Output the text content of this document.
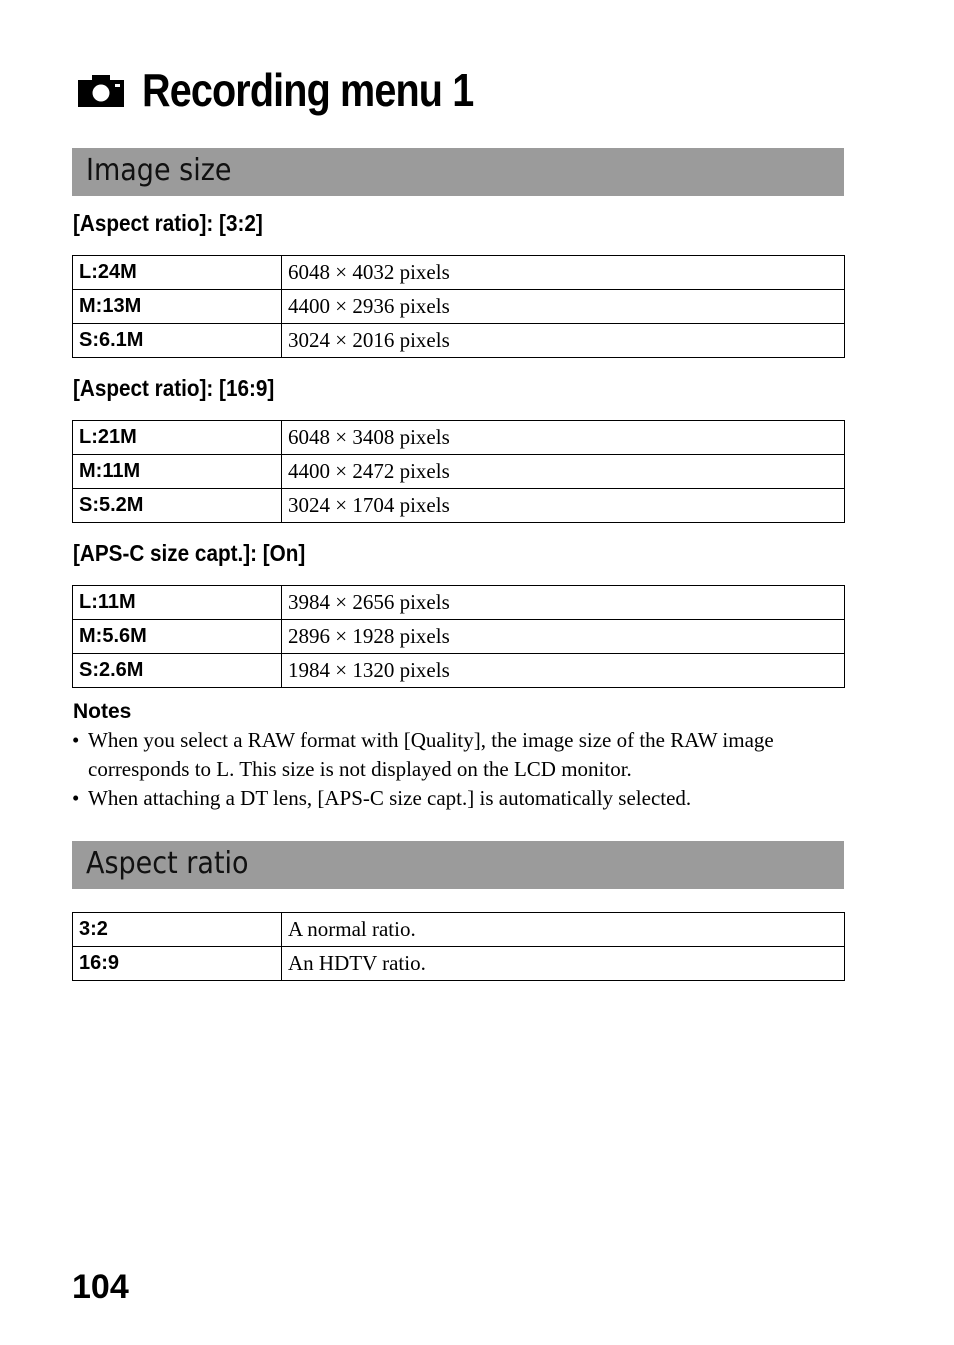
Recording menu 1
Image size
[Aspect ratio]: [3:2]
L:24M	6048 × 4032 pixels
M:13M	4400 × 2936 pixels
S:6.1M	3024 × 2016 pixels
[Aspect ratio]: [16:9]
L:21M	6048 × 3408 pixels
M:11M	4400 × 2472 pixels
S:5.2M	3024 × 1704 pixels
[APS-C size capt.]: [On]
L:11M	3984 × 2656 pixels
M:5.6M	2896 × 1928 pixels
S:2.6M	1984 × 1320 pixels
Notes
• When you select a RAW format with [Quality], the image size of the RAW image corresponds to L. This size is not displayed on the LCD monitor.
• When attaching a DT lens, [APS-C size capt.] is automatically selected.
Aspect ratio
3:2	A normal ratio.
16:9	An HDTV ratio.
104
